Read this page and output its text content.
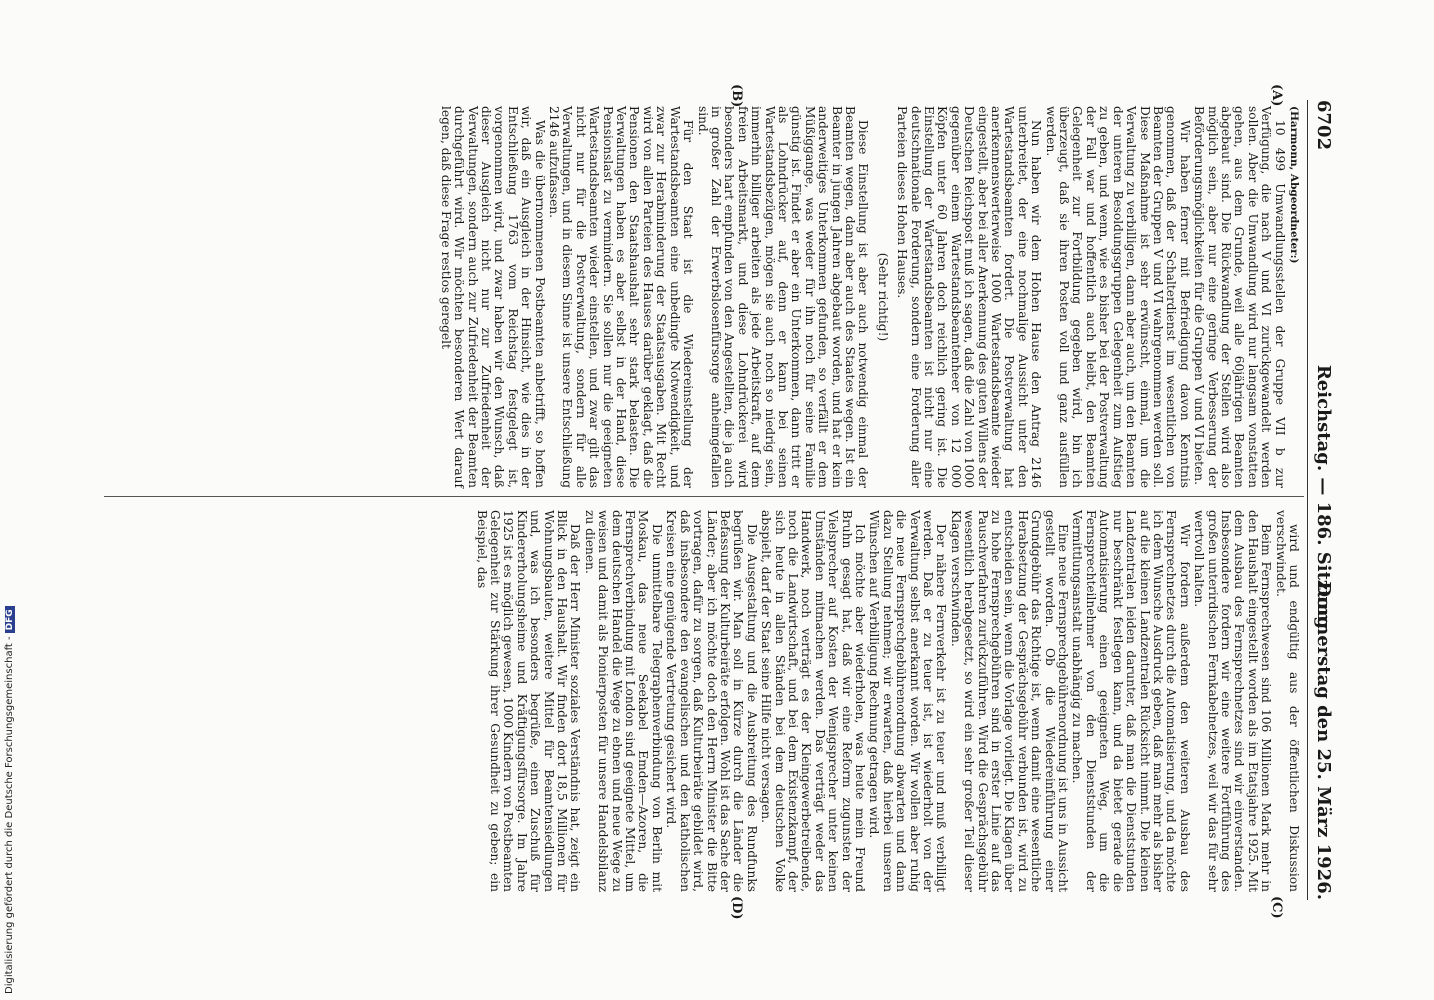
6702
Reichstag. — 186. Sitzung.
Donnerstag den 25. März 1926.
(A)
(B)
(C)
(D)

(Harmonn, Abgeordneter:)

10 499 Umwandlungsstellen der Gruppe VII b zur Verfügung, die nach V und VI zurückgewandelt werden sollen. Aber die Umwandlung wird nur langsam vonstatten gehen, aus dem Grunde, weil alle 60jährigen Beamten abgebaut sind. Die Rückwandlung der Stellen wird also möglich sein, aber nur eine geringe Verbesserung der Beförderungsmöglichkeiten für die Gruppen V und VI bieten.

Wir haben ferner mit Befriedigung davon Kenntnis genommen, daß der Schalterdienst im wesentlichen von Beamten der Gruppen V und VI wahrgenommen werden soll. Diese Maßnahme ist sehr erwünscht, einmal, um die Verwaltung zu verbilligen, dann aber auch, um den Beamten der unteren Besoldungsgruppen Gelegenheit zum Aufstieg zu geben, und wenn, wie es bisher bei der Postverwaltung der Fall war und hoffentlich auch bleibt, den Beamten Gelegenheit zur Fortbildung gegeben wird, bin ich überzeugt, daß sie ihren Posten voll und ganz ausfüllen werden.

Nun haben wir dem Hohen Hause den Antrag 2146 unterbreitet, der eine nochmalige Aussicht unter den Wartestandsbeamten fordert. Die Postverwaltung hat anerkennenswerterweise 1000 Wartestandsbeamte wieder eingestellt, aber bei aller Anerkennung des guten Willens der Deutschen Reichspost muß ich sagen, daß die Zahl von 1000 gegenüber einem Wartestandsbeamtenheer von 12 000 Köpfen unter 60 Jahren doch reichlich gering ist. Die Einstellung der Wartestandsbeamten ist nicht nur eine deutschnationale Forderung, sondern eine Forderung aller Parteien dieses Hohen Hauses.

(Sehr richtig!)

Diese Einstellung ist aber auch notwendig einmal der Beamten wegen, dann aber auch des Staates wegen. Ist ein Beamter in jungen Jahren abgebaut worden, und hat er kein anderweitiges Unterkommen gefunden, so verfällt er dem Müßiggange, was weder für ihn noch für seine Familie günstig ist. Findet er aber ein Unterkommen, dann tritt er als Lohndrücker auf, denn er kann bei seinen Wartestandsbezügen, mögen sie auch noch so niedrig sein, immerhin billiger arbeiten als jede Arbeitskraft, auf dem freien Arbeitsmarkt, und diese Lohndrückerei wird besonders hart empfunden von den Angestellten, die ja auch in großer Zahl der Erwerbslosenfürsorge anheimgefallen sind.

Für den Staat ist die Wiedereinstellung der Wartestandsbeamten eine unbedingte Notwendigkeit, und zwar zur Herabminderung der Staatsausgaben. Mit Recht wird von allen Parteien des Hauses darüber geklagt, daß die Pensionen den Staatshaushalt sehr stark belasten. Die Verwaltungen haben es aber selbst in der Hand, diese Pensionslast zu vermindern. Sie sollen nur die geeigneten Wartestandsbeamten wieder einstellen, und zwar gilt das nicht nur für die Postverwaltung, sondern für alle Verwaltungen, und in diesem Sinne ist unsere Entschließung 2146 aufzufassen.

Was die übernommenen Postbeamten anbetrifft, so hoffen wir, daß ein Ausgleich in der Hinsicht, wie dies in der Entschließung 1763 vom Reichstag festgelegt ist, vorgenommen wird, und zwar haben wir den Wunsch, daß dieser Ausgleich nicht nur zur Zufriedenheit der Verwaltungen, sondern auch zur Zufriedenheit der Beamten durchgeführt wird. Wir möchten besonderen Wert darauf legen, daß diese Frage restlos geregelt

wird und endgültig aus der öffentlichen Diskussion verschwindet.

Beim Fernsprechwesen sind 106 Millionen Mark mehr in den Haushalt eingestellt worden als im Etatsjahre 1925. Mit dem Ausbau des Fernsprechnetzes sind wir einverstanden. Insbesondere fordern wir eine weitere Fortführung des großen unterirdischen Fernkabelnetzes, weil wir das für sehr wertvoll halten.

Wir fordern außerdem den weiteren Ausbau des Fernsprechnetzes durch die Automatisierung, und da möchte ich dem Wunsche Ausdruck geben, daß man mehr als bisher auf die kleinen Landzentralen Rücksicht nimmt. Die kleinen Landzentralen leiden darunter, daß man die Dienststunden nur beschränkt festlegen kann, und da bietet gerade die Automatisierung einen geeigneten Weg, um die Fernsprechteilnehmer von den Dienststunden der Vermittlungsanstalt unabhängig zu machen.

Eine neue Fernsprechgebührenordnung ist uns in Aussicht gestellt worden. Ob die Wiedereinführung einer Grundgebühr das Richtige ist, wenn damit eine wesentliche Herabsetzung der Gesprächsgebühr verbunden ist, wird zu entscheiden sein, wenn die Vorlage vorliegt. Die Klagen über zu hohe Fernsprechgebühren sind in erster Linie auf das Pauschverfahren zurückzuführen. Wird die Gesprächsgebühr wesentlich herabgesetzt, so wird ein sehr großer Teil dieser Klagen verschwinden.

Der nähere Fernverkehr ist zu teuer und muß verbilligt werden. Daß er zu teuer ist, ist wiederholt von der Verwaltung selbst anerkannt worden. Wir wollen aber ruhig die neue Fernsprechgebührenordnung abwarten und dann dazu Stellung nehmen; wir erwarten, daß hierbei unseren Wünschen auf Verbilligung Rechnung getragen wird.

Ich möchte aber wiederholen, was heute mein Freund Bruhn gesagt hat, daß wir eine Reform zugunsten der Vielsprecher auf Kosten der Wenigsprecher unter keinen Umständen mitmachen werden. Das verträgt weder das Handwerk, noch verträgt es der Kleingewerbetreibende, noch die Landwirtschaft, und bei dem Existenzkampf, der sich heute in allen Ständen bei dem deutschen Volke abspielt, darf der Staat seine Hilfe nicht versagen.

Die Ausgestaltung und die Ausbreitung des Rundfunks begrüßen wir. Man soll in Kürze durch die Länder die Befassung der Kulturbeiräte erfolgen. Wohl ist das Sache der Länder; aber ich möchte doch den Herrn Minister die Bitte vortragen, dafür zu sorgen, daß Kulturbeiräte gebildet wird, daß insbesondere den evangelischen und den katholischen Kreisen eine genügende Vertretung gesichert wird.

Die unmittelbare Telegraphenverbindung von Berlin mit Moskau, das neue Seekabel Emden—Azoren, die Fernsprechverbindung mit London sind geeignete Mittel, um dem deutschen Handel die Wege zu ebnen und neue Wege zu weisen und damit als Pionierposten für unsere Handelsbilanz zu dienen.

Daß der Herr Minister soziales Verständnis hat, zeigt ein Blick in den Haushalt. Wir finden dort 18,5 Millionen für Wohnungsbauten, weitere Mittel für Beamtensiedlungen und, was ich besonders begrüße, einen Zuschuß für Kindererholungsheime und Kräftigungsfürsorge. Im Jahre 1925 ist es möglich gewesen, 1000 Kindern von Postbeamten Gelegenheit zur Stärkung ihrer Gesundheit zu geben; ein Beispiel, das

Digitalisierung gefördert durch die Deutsche Forschungsgemeinschaft -DFG
